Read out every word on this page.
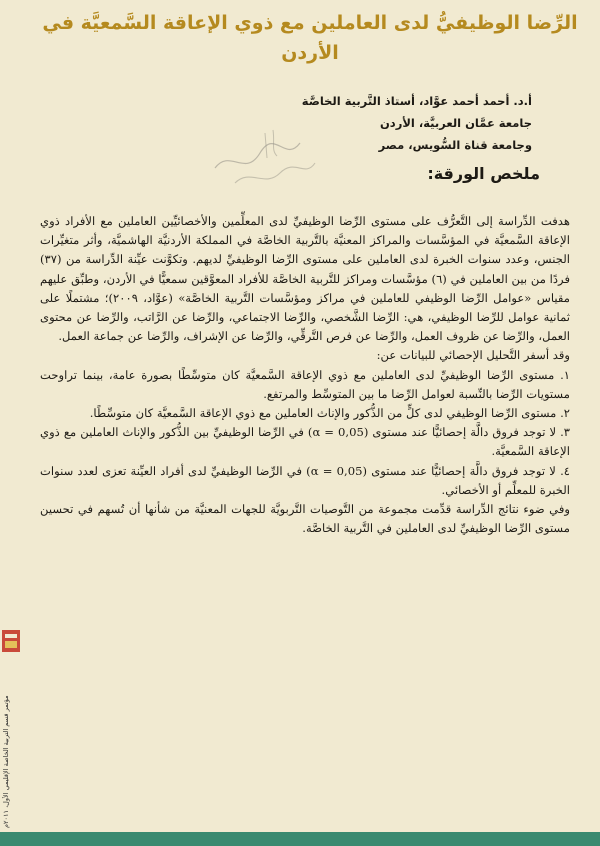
الرِّضا الوظيفيُّ لدى العاملين مع ذوي الإعاقة السَّمعيَّة في الأردن
أ.د. أحمد أحمد عوَّاد، أستاذ التَّربية الخاصَّة
جامعة عمَّان العربيَّة، الأردن
وجامعة قناة السُّويس، مصر
ملخص الورقة:

هدفت الدِّراسة إلى التَّعرُّف على مستوى الرِّضا الوظيفيِّ لدى المعلِّمين والأخصائيِّين العاملين مع الأفراد ذوي الإعاقة السَّمعيَّة في المؤسَّسات والمراكز المعنيَّة بالتَّربية الخاصَّة في المملكة الأردنيَّة الهاشميَّة، وأثر متغيِّرات الجنس، وعدد سنوات الخبرة لدى العاملين على مستوى الرِّضا الوظيفيِّ لديهم. وتكوَّنت عيِّنة الدِّراسة من (٣٧) فردًا من بين العاملين في (٦) مؤسَّسات ومراكز للتَّربية الخاصَّة للأفراد المعوَّقين سمعيًّا في الأردن، وطبِّق عليهم مقياس «عوامل الرِّضا الوظيفي للعاملين في مراكز ومؤسَّسات التَّربية الخاصَّة» (عوَّاد، ٢٠٠٩)؛ مشتملًا على ثمانية عوامل للرِّضا الوظيفي، هي: الرِّضا الشَّخصي، والرِّضا الاجتماعي، والرِّضا عن الرَّاتب، والرِّضا عن محتوى العمل، والرِّضا عن ظروف العمل، والرِّضا عن فرص التَّرقِّي، والرِّضا عن الإشراف، والرِّضا عن جماعة العمل.

وقد أسفر التَّحليل الإحصائي للبيانات عن:

١. مستوى الرِّضا الوظيفيِّ لدى العاملين مع ذوي الإعاقة السَّمعيَّة كان متوسِّطًا بصورة عامة، بينما تراوحت مستويات الرِّضا بالنِّسبة لعوامل الرِّضا ما بين المتوسِّط والمرتفع.

٢. مستوى الرِّضا الوظيفي لدى كلٍّ من الذُّكور والإناث العاملين مع ذوي الإعاقة السَّمعيَّة كان متوسِّطًا.

٣. لا توجد فروق دالَّة إحصائيًّا عند مستوى (0,05 = α) في الرِّضا الوظيفيِّ بين الذُّكور والإناث العاملين مع ذوي الإعاقة السَّمعيَّة.

٤. لا توجد فروق دالَّة إحصائيًّا عند مستوى (0,05 = α) في الرِّضا الوظيفيِّ لدى أفراد العيِّنة تعزى لعدد سنوات الخبرة للمعلِّم أو الأخصائي.

وفي ضوء نتائج الدِّراسة قدِّمت مجموعة من التَّوصيات التَّربويَّة للجهات المعنيَّة من شأنها أن تُسهم في تحسين مستوى الرِّضا الوظيفيِّ لدى العاملين في التَّربية الخاصَّة.

مؤتمر قسم التربية الخاصة الإقليمي الأول، ٢٠١١م
